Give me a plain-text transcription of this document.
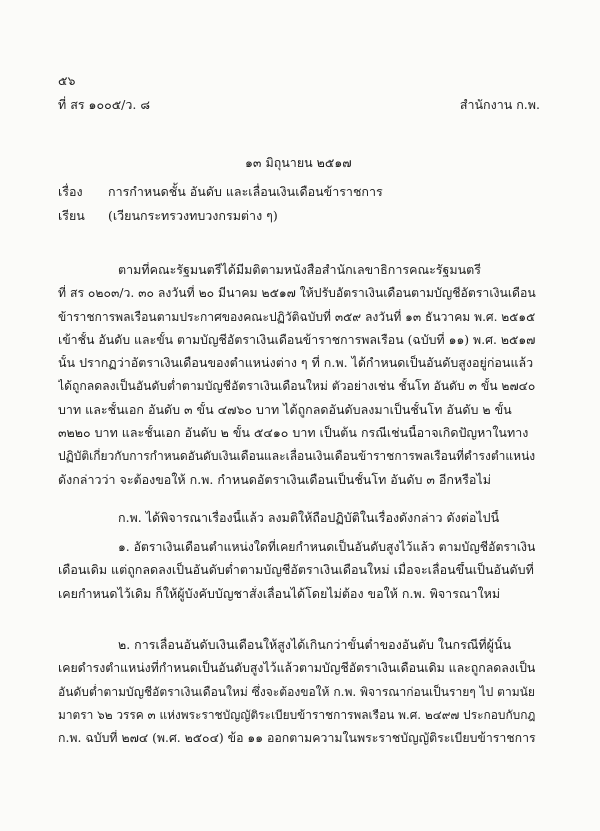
๕๖
ที่ สร ๑๐๐๕/ว. ๘	สำนักงาน ก.พ.
๑๓ มิถุนายน ๒๕๑๗
เรื่อง การกำหนดชั้น อันดับ และเลื่อนเงินเดือนข้าราชการ
เรียน (เวียนกระทรวงทบวงกรมต่าง ๆ)
ตามที่คณะรัฐมนตรีได้มีมติตามหนังสือสำนักเลขาธิการคณะรัฐมนตรี
ที่ สร ๐๒๐๓/ว. ๓๐ ลงวันที่ ๒๐ มีนาคม ๒๕๑๗ ให้ปรับอัตราเงินเดือนตามบัญชีอัตราเงินเดือน
ข้าราชการพลเรือนตามประกาศของคณะปฏิวัติฉบับที่ ๓๕๙ ลงวันที่ ๑๓ ธันวาคม พ.ศ. ๒๕๑๕
เข้าชั้น อันดับ และขั้น ตามบัญชีอัตราเงินเดือนข้าราชการพลเรือน (ฉบับที่ ๑๑) พ.ศ. ๒๕๑๗
นั้น ปรากฏว่าอัตราเงินเดือนของตำแหน่งต่าง ๆ ที่ ก.พ. ได้กำหนดเป็นอันดับสูงอยู่ก่อนแล้ว
ได้ถูกลดลงเป็นอันดับต่ำตามบัญชีอัตราเงินเดือนใหม่ ตัวอย่างเช่น ชั้นโท อันดับ ๓ ขั้น ๒๗๔๐
บาท และชั้นเอก อันดับ ๓ ขั้น ๔๗๖๐ บาท ได้ถูกลดอันดับลงมาเป็นชั้นโท อันดับ ๒ ขั้น
๓๒๒๐ บาท และชั้นเอก อันดับ ๒ ขั้น ๕๔๑๐ บาท เป็นต้น กรณีเช่นนี้อาจเกิดปัญหาในทาง
ปฏิบัติเกี่ยวกับการกำหนดอันดับเงินเดือนและเลื่อนเงินเดือนข้าราชการพลเรือนที่ดำรงตำแหน่ง
ดังกล่าวว่า จะต้องขอให้ ก.พ. กำหนดอัตราเงินเดือนเป็นชั้นโท อันดับ ๓ อีกหรือไม่
ก.พ. ได้พิจารณาเรื่องนี้แล้ว ลงมติให้ถือปฏิบัติในเรื่องดังกล่าว ดังต่อไปนี้
๑. อัตราเงินเดือนตำแหน่งใดที่เคยกำหนดเป็นอันดับสูงไว้แล้ว ตามบัญชีอัตราเงิน
เดือนเดิม แต่ถูกลดลงเป็นอันดับต่ำตามบัญชีอัตราเงินเดือนใหม่ เมื่อจะเลื่อนขึ้นเป็นอันดับที่
เคยกำหนดไว้เดิม ก็ให้ผู้บังคับบัญชาสั่งเลื่อนได้โดยไม่ต้อง ขอให้ ก.พ. พิจารณาใหม่
๒. การเลื่อนอันดับเงินเดือนให้สูงได้เกินกว่าขั้นต่ำของอันดับ ในกรณีที่ผู้นั้น
เคยดำรงตำแหน่งที่กำหนดเป็นอันดับสูงไว้แล้วตามบัญชีอัตราเงินเดือนเดิม และถูกลดลงเป็น
อันดับต่ำตามบัญชีอัตราเงินเดือนใหม่ ซึ่งจะต้องขอให้ ก.พ. พิจารณาก่อนเป็นรายๆ ไป ตามนัย
มาตรา ๖๒ วรรค ๓ แห่งพระราชบัญญัติระเบียบข้าราชการพลเรือน พ.ศ. ๒๔๙๗ ประกอบกับกฎ
ก.พ. ฉบับที่ ๒๗๔ (พ.ศ. ๒๕๐๔) ข้อ ๑๑ ออกตามความในพระราชบัญญัติระเบียบข้าราชการ
